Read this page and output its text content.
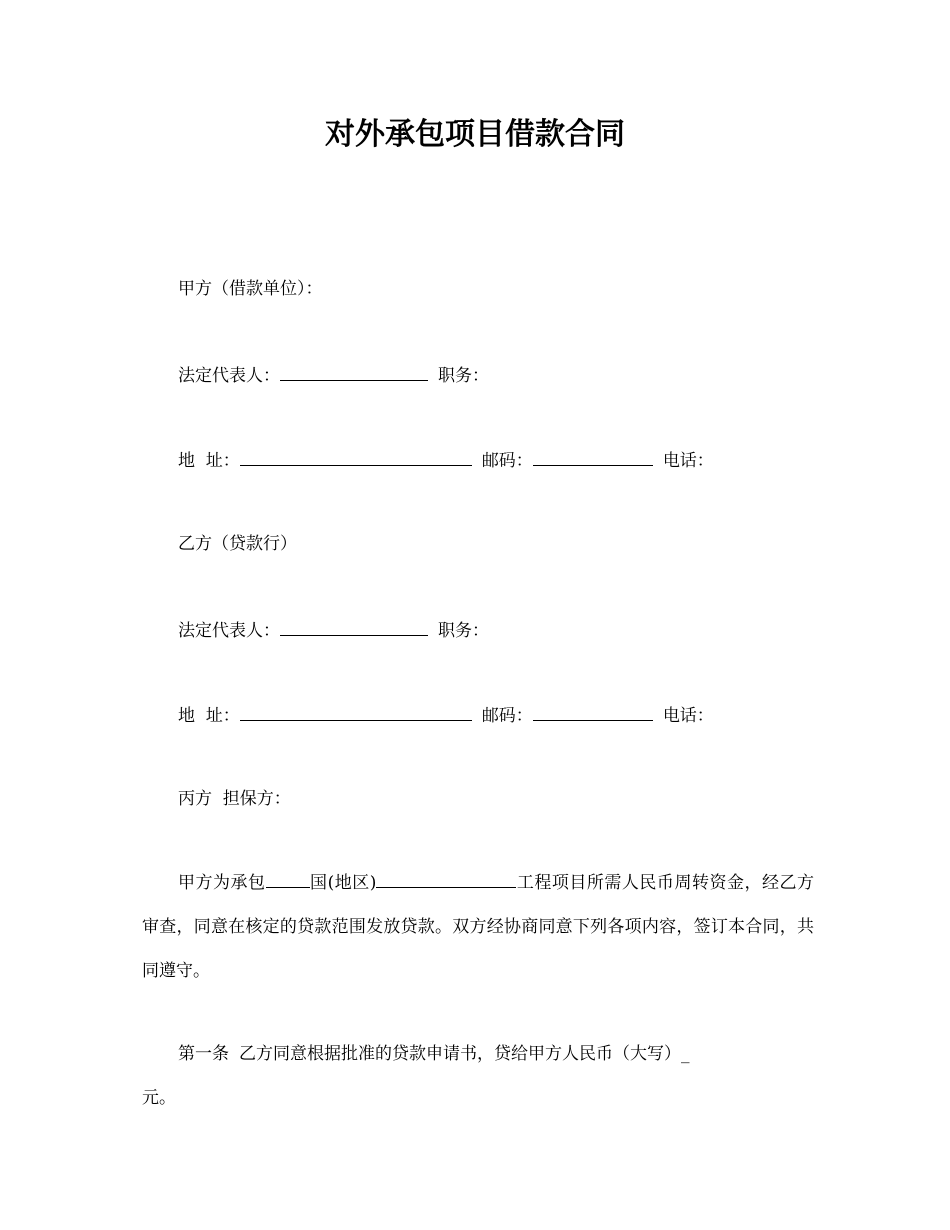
对外承包项目借款合同
甲方（借款单位）：
法定代表人：	职务：
地  址：	邮码：	电话：
乙方（贷款行）
法定代表人：	职务：
地  址：	邮码：	电话：
丙方  担保方：

甲方为承包	国(地区)	工程项目所需人民币周转资金，经乙方审查，同意在核定的贷款范围发放贷款。双方经协商同意下列各项内容，签订本合同，共同遵守。

第一条 乙方同意根据批准的贷款申请书，贷给甲方人民币（大写）_
元。
